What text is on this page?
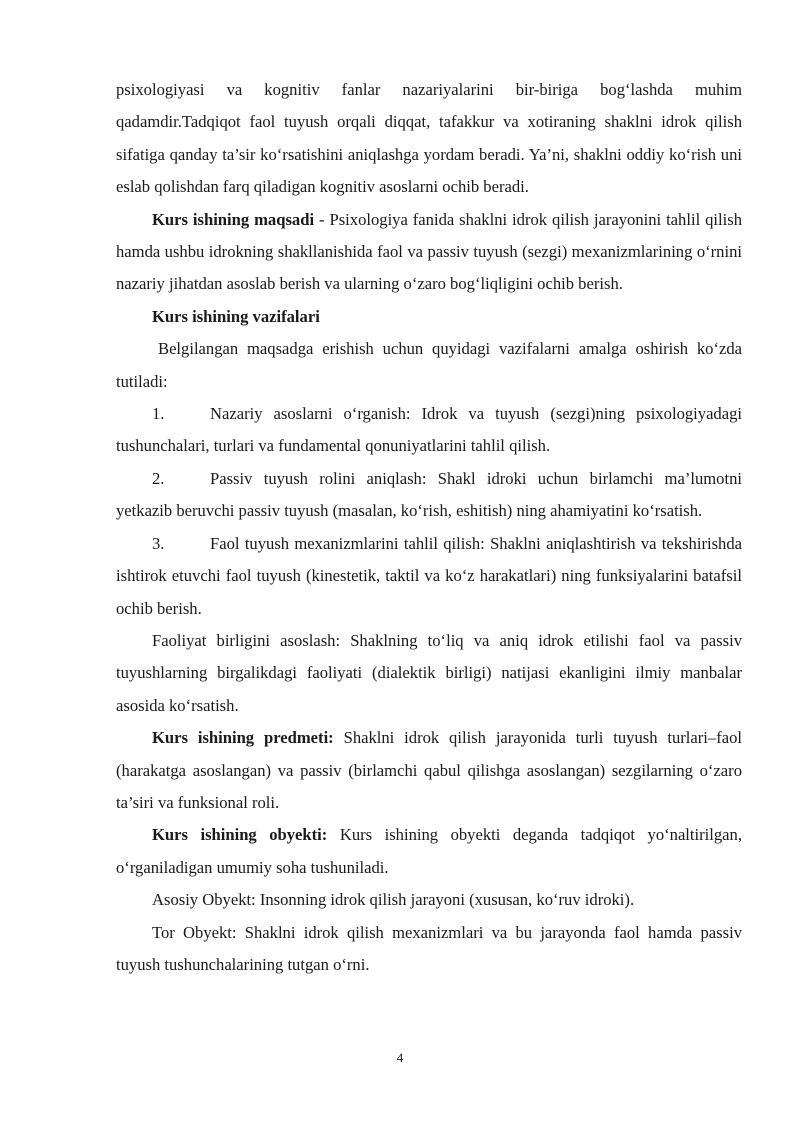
psixologiyasi va kognitiv fanlar nazariyalarini bir-biriga bog‘lashda muhim qadamdir.Tadqiqot faol tuyush orqali diqqat, tafakkur va xotiraning shaklni idrok qilish sifatiga qanday ta’sir ko‘rsatishini aniqlashga yordam beradi. Ya’ni, shaklni oddiy ko‘rish uni eslab qolishdan farq qiladigan kognitiv asoslarni ochib beradi.

Kurs ishining maqsadi - Psixologiya fanida shaklni idrok qilish jarayonini tahlil qilish hamda ushbu idrokning shakllanishida faol va passiv tuyush (sezgi) mexanizmlarining o‘rnini nazariy jihatdan asoslab berish va ularning o‘zaro bog‘liqligini ochib berish.

Kurs ishining vazifalari

Belgilangan maqsadga erishish uchun quyidagi vazifalarni amalga oshirish ko‘zda tutiladi:

1.	Nazariy asoslarni o‘rganish: Idrok va tuyush (sezgi)ning psixologiyadagi tushunchalari, turlari va fundamental qonuniyatlarini tahlil qilish.

2.	Passiv tuyush rolini aniqlash: Shakl idroki uchun birlamchi ma’lumotni yetkazib beruvchi passiv tuyush (masalan, ko‘rish, eshitish) ning ahamiyatini ko‘rsatish.

3.	Faol tuyush mexanizmlarini tahlil qilish: Shaklni aniqlashtirish va tekshirishda ishtirok etuvchi faol tuyush (kinestetik, taktil va ko‘z harakatlari) ning funksiyalarini batafsil ochib berish.

Faoliyat birligini asoslash: Shaklning to‘liq va aniq idrok etilishi faol va passiv tuyushlarning birgalikdagi faoliyati (dialektik birligi) natijasi ekanligini ilmiy manbalar asosida ko‘rsatish.

Kurs ishining predmeti: Shaklni idrok qilish jarayonida turli tuyush turlari–faol (harakatga asoslangan) va passiv (birlamchi qabul qilishga asoslangan) sezgilarning o‘zaro ta’siri va funksional roli.

Kurs ishining obyekti: Kurs ishining obyekti deganda tadqiqot yo‘naltirilgan, o‘rganiladigan umumiy soha tushuniladi.

Asosiy Obyekt: Insonning idrok qilish jarayoni (xususan, ko‘ruv idroki).

Tor Obyekt: Shaklni idrok qilish mexanizmlari va bu jarayonda faol hamda passiv tuyush tushunchalarining tutgan o‘rni.

4
